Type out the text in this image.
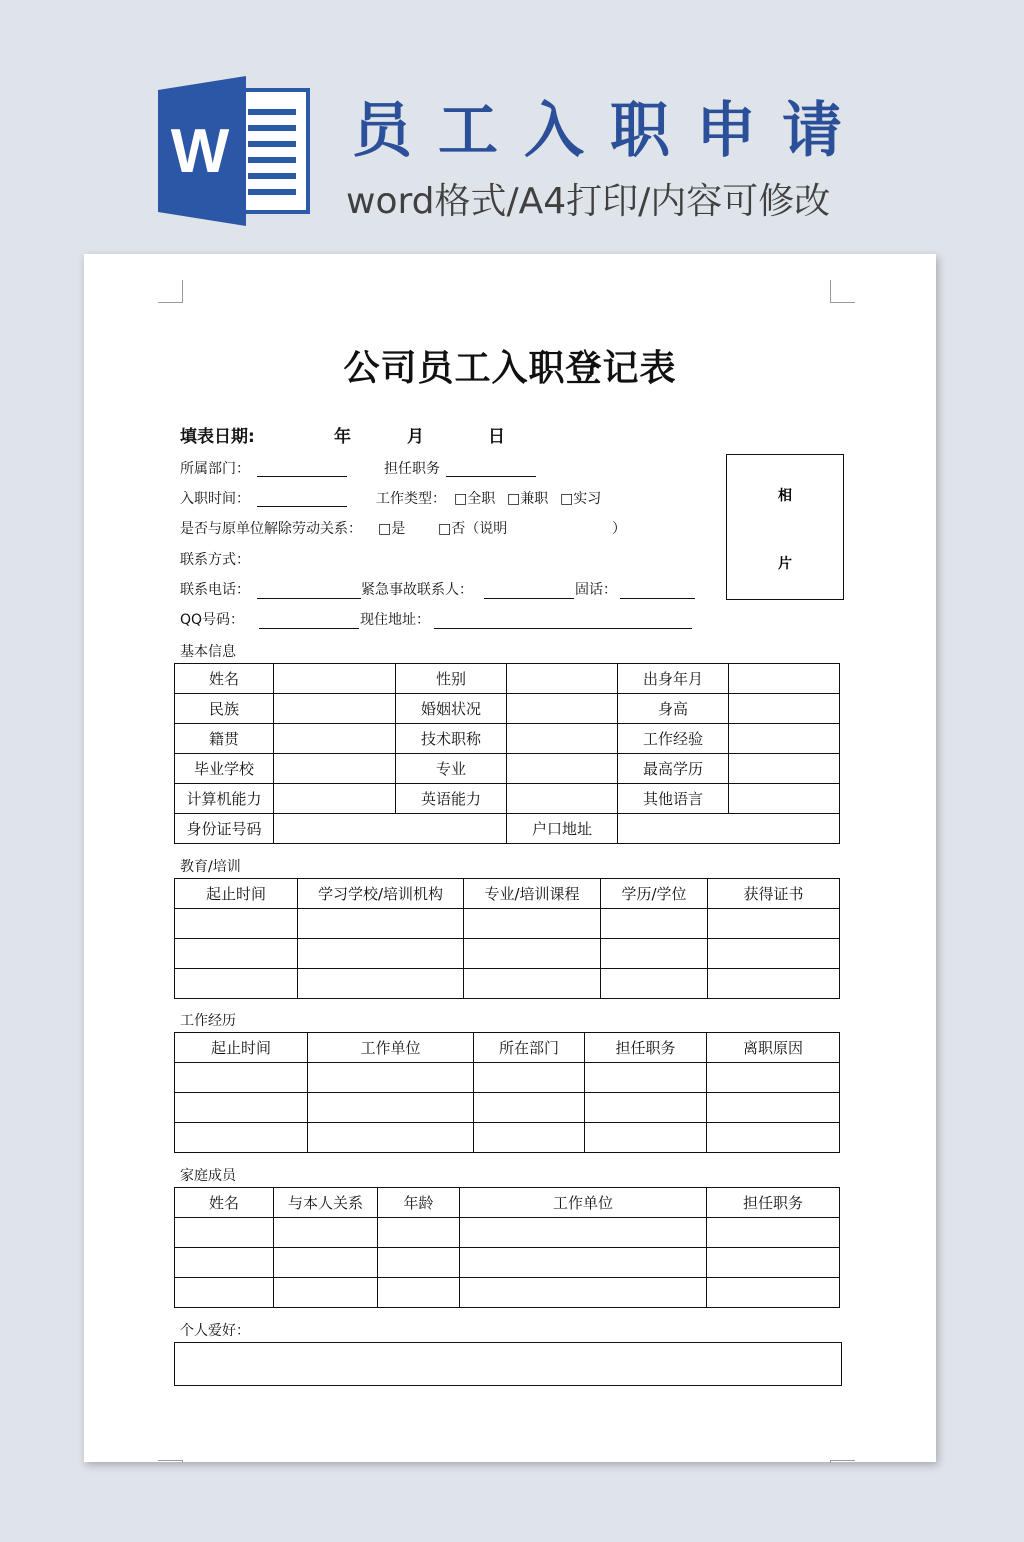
W 员工入职申请
word格式/A4打印/内容可修改
公司员工入职登记表
填表日期:	年	月	日
所属部门：	担任职务
入职时间：	工作类型： □全职 □兼职 □实习
是否与原单位解除劳动关系： □是 □否（说明	）
联系方式：
联系电话：	紧急事故联系人：	固话：
QQ号码：	现住地址：
相
片
基本信息
姓名		性别		出身年月	
民族		婚姻状况		身高	
籍贯		技术职称		工作经验	
毕业学校		专业		最高学历	
计算机能力		英语能力		其他语言	
身份证号码			户口地址		
教育/培训
起止时间	学习学校/培训机构	专业/培训课程	学历/学位	获得证书

工作经历
起止时间	工作单位	所在部门	担任职务	离职原因

家庭成员
姓名	与本人关系	年龄	工作单位	担任职务

个人爱好：
